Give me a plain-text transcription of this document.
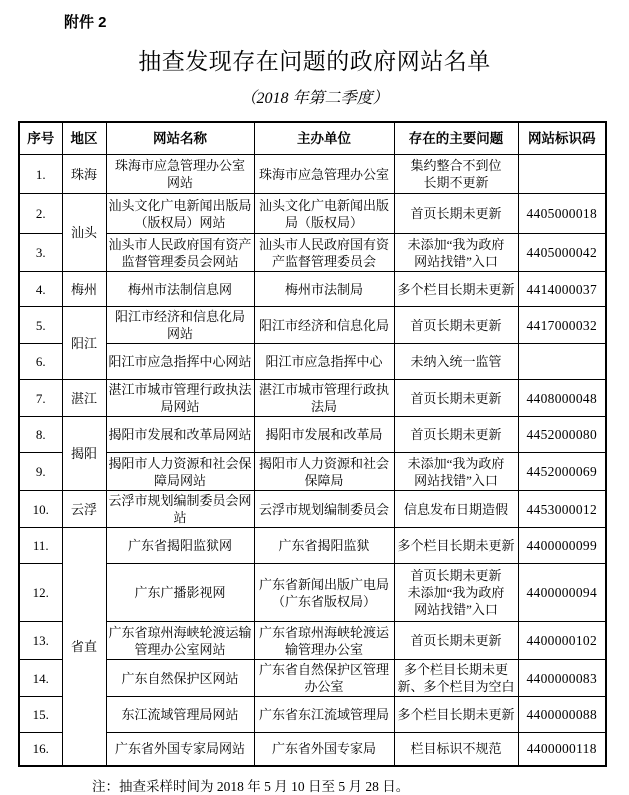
附件 2
抽查发现存在问题的政府网站名单
（2018 年第二季度）
序号	地区	网站名称	主办单位	存在的主要问题	网站标识码
1.	珠海	珠海市应急管理办公室
网站	珠海市应急管理办公室	集约整合不到位
长期不更新	
2.	汕头	汕头文化广电新闻出版局
（版权局）网站	汕头文化广电新闻出版
局（版权局）	首页长期未更新	4405000018
3.		汕头市人民政府国有资产
监督管理委员会网站	汕头市人民政府国有资
产监督管理委员会	未添加“我为政府
网站找错”入口	4405000042
4.	梅州	梅州市法制信息网	梅州市法制局	多个栏目长期未更新	4414000037
5.	阳江	阳江市经济和信息化局
网站	阳江市经济和信息化局	首页长期未更新	4417000032
6.		阳江市应急指挥中心网站	阳江市应急指挥中心	未纳入统一监管	
7.	湛江	湛江市城市管理行政执法
局网站	湛江市城市管理行政执
法局	首页长期未更新	4408000048
8.	揭阳	揭阳市发展和改革局网站	揭阳市发展和改革局	首页长期未更新	4452000080
9.		揭阳市人力资源和社会保
障局网站	揭阳市人力资源和社会
保障局	未添加“我为政府
网站找错”入口	4452000069
10.	云浮	云浮市规划编制委员会网
站	云浮市规划编制委员会	信息发布日期造假	4453000012
11.	省直	广东省揭阳监狱网	广东省揭阳监狱	多个栏目长期未更新	4400000099
12.		广东广播影视网	广东省新闻出版广电局
（广东省版权局）	首页长期未更新
未添加“我为政府
网站找错”入口	4400000094
13.		广东省琼州海峡轮渡运输
管理办公室网站	广东省琼州海峡轮渡运
输管理办公室	首页长期未更新	4400000102
14.		广东自然保护区网站	广东省自然保护区管理
办公室	多个栏目长期未更
新、多个栏目为空白	4400000083
15.		东江流域管理局网站	广东省东江流域管理局	多个栏目长期未更新	4400000088
16.		广东省外国专家局网站	广东省外国专家局	栏目标识不规范	4400000118
注：抽查采样时间为 2018 年 5 月 10 日至 5 月 28 日。
